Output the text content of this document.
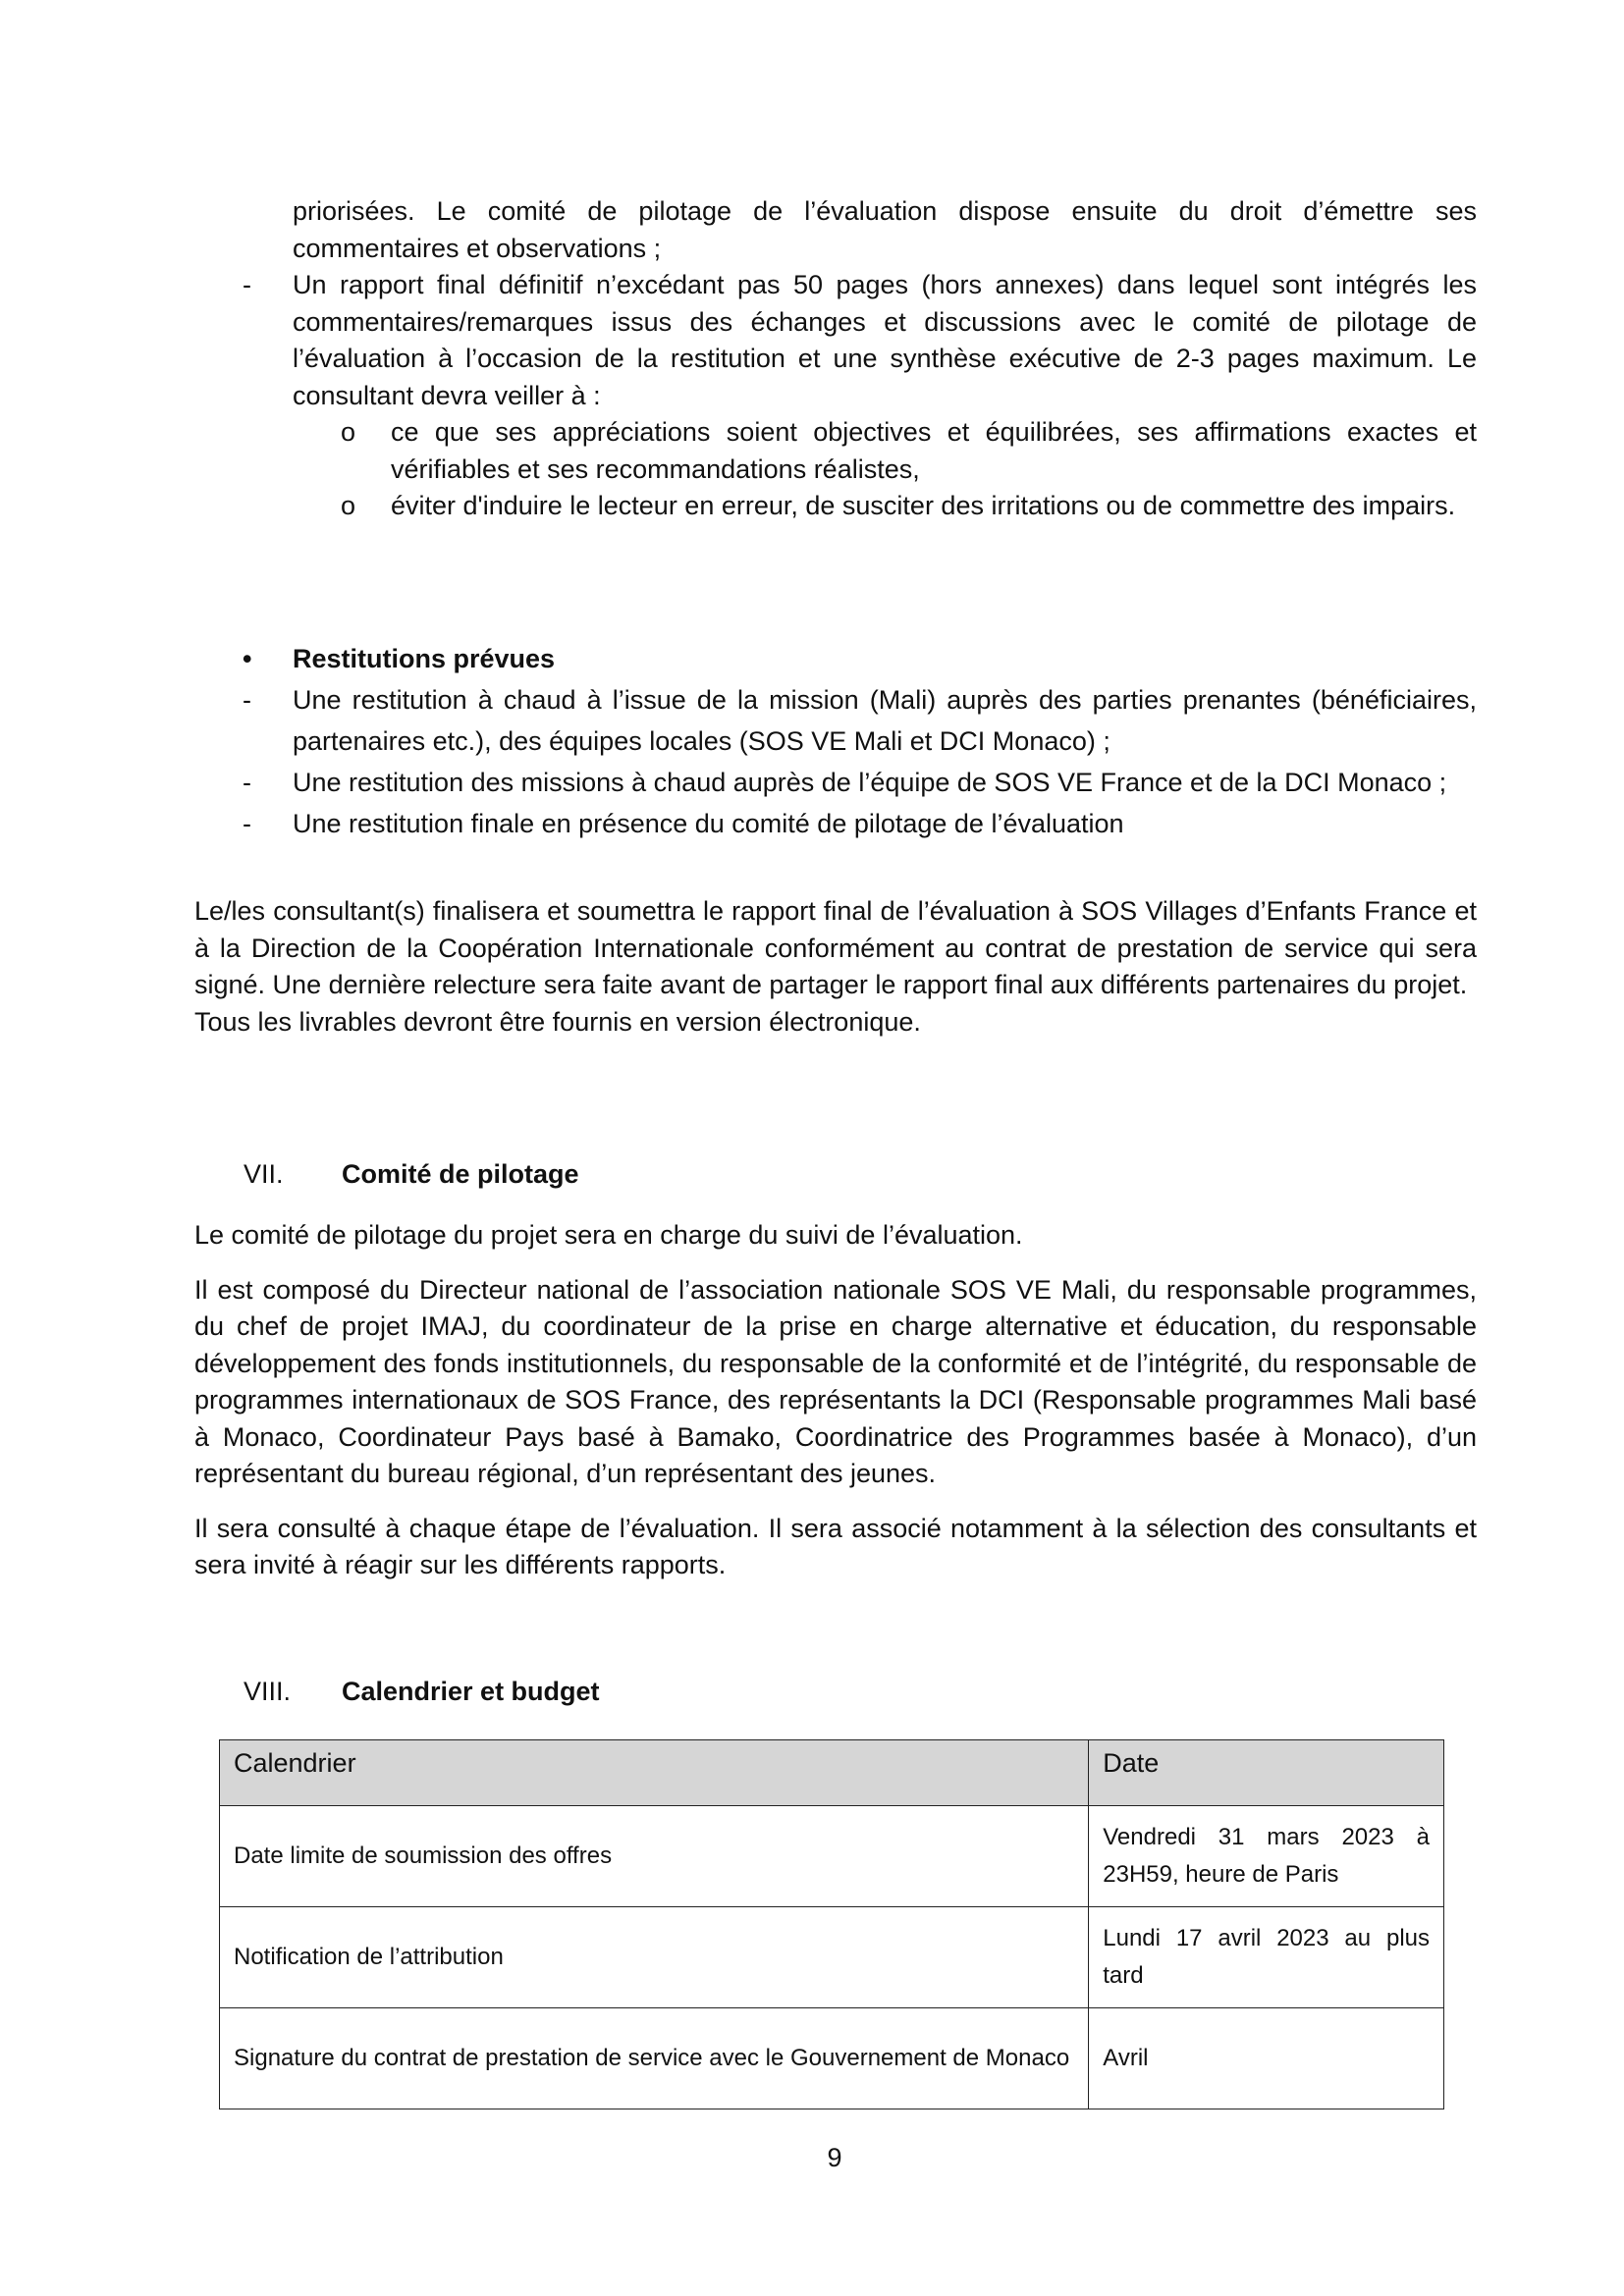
priorisées. Le comité de pilotage de l’évaluation dispose ensuite du droit d’émettre ses commentaires et observations ;
- Un rapport final définitif n’excédant pas 50 pages (hors annexes) dans lequel sont intégrés les commentaires/remarques issus des échanges et discussions avec le comité de pilotage de l’évaluation à l’occasion de la restitution et une synthèse exécutive de 2-3 pages maximum. Le consultant devra veiller à :
o ce que ses appréciations soient objectives et équilibrées, ses affirmations exactes et vérifiables et ses recommandations réalistes,
o éviter d'induire le lecteur en erreur, de susciter des irritations ou de commettre des impairs.
• Restitutions prévues
- Une restitution à chaud à l’issue de la mission (Mali) auprès des parties prenantes (bénéficiaires, partenaires etc.), des équipes locales (SOS VE Mali et DCI Monaco) ;
- Une restitution des missions à chaud auprès de l’équipe de SOS VE France et de la DCI Monaco ;
- Une restitution finale en présence du comité de pilotage de l’évaluation
Le/les consultant(s) finalisera et soumettra le rapport final de l’évaluation à SOS Villages d’Enfants France et à la Direction de la Coopération Internationale conformément au contrat de prestation de service qui sera signé. Une dernière relecture sera faite avant de partager le rapport final aux différents partenaires du projet.
Tous les livrables devront être fournis en version électronique.
VII. Comité de pilotage
Le comité de pilotage du projet sera en charge du suivi de l’évaluation.
Il est composé du Directeur national de l’association nationale SOS VE Mali, du responsable programmes, du chef de projet IMAJ, du coordinateur de la prise en charge alternative et éducation, du responsable développement des fonds institutionnels, du responsable de la conformité et de l’intégrité, du responsable de programmes internationaux de SOS France, des représentants la DCI (Responsable programmes Mali basé à Monaco, Coordinateur Pays basé à Bamako, Coordinatrice des Programmes basée à Monaco), d’un représentant du bureau régional, d’un représentant des jeunes.
Il sera consulté à chaque étape de l’évaluation. Il sera associé notamment à la sélection des consultants et sera invité à réagir sur les différents rapports.
VIII. Calendrier et budget
Calendrier	Date
Date limite de soumission des offres	Vendredi 31 mars 2023 à 23H59, heure de Paris
Notification de l’attribution	Lundi 17 avril 2023 au plus tard
Signature du contrat de prestation de service avec le Gouvernement de Monaco	Avril
9
